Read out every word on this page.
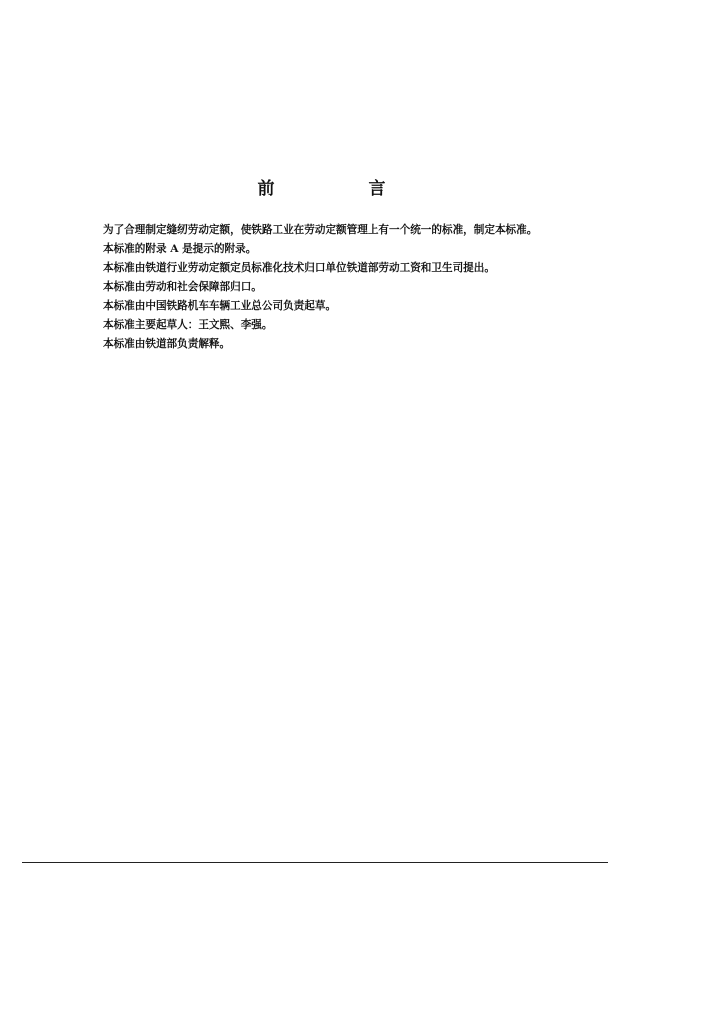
前 言

为了合理制定缝纫劳动定额，使铁路工业在劳动定额管理上有一个统一的标准，制定本标准。

本标准的附录 A 是提示的附录。

本标准由铁道行业劳动定额定员标准化技术归口单位铁道部劳动工资和卫生司提出。

本标准由劳动和社会保障部归口。

本标准由中国铁路机车车辆工业总公司负责起草。

本标准主要起草人：王文熙、李强。

本标准由铁道部负责解释。
